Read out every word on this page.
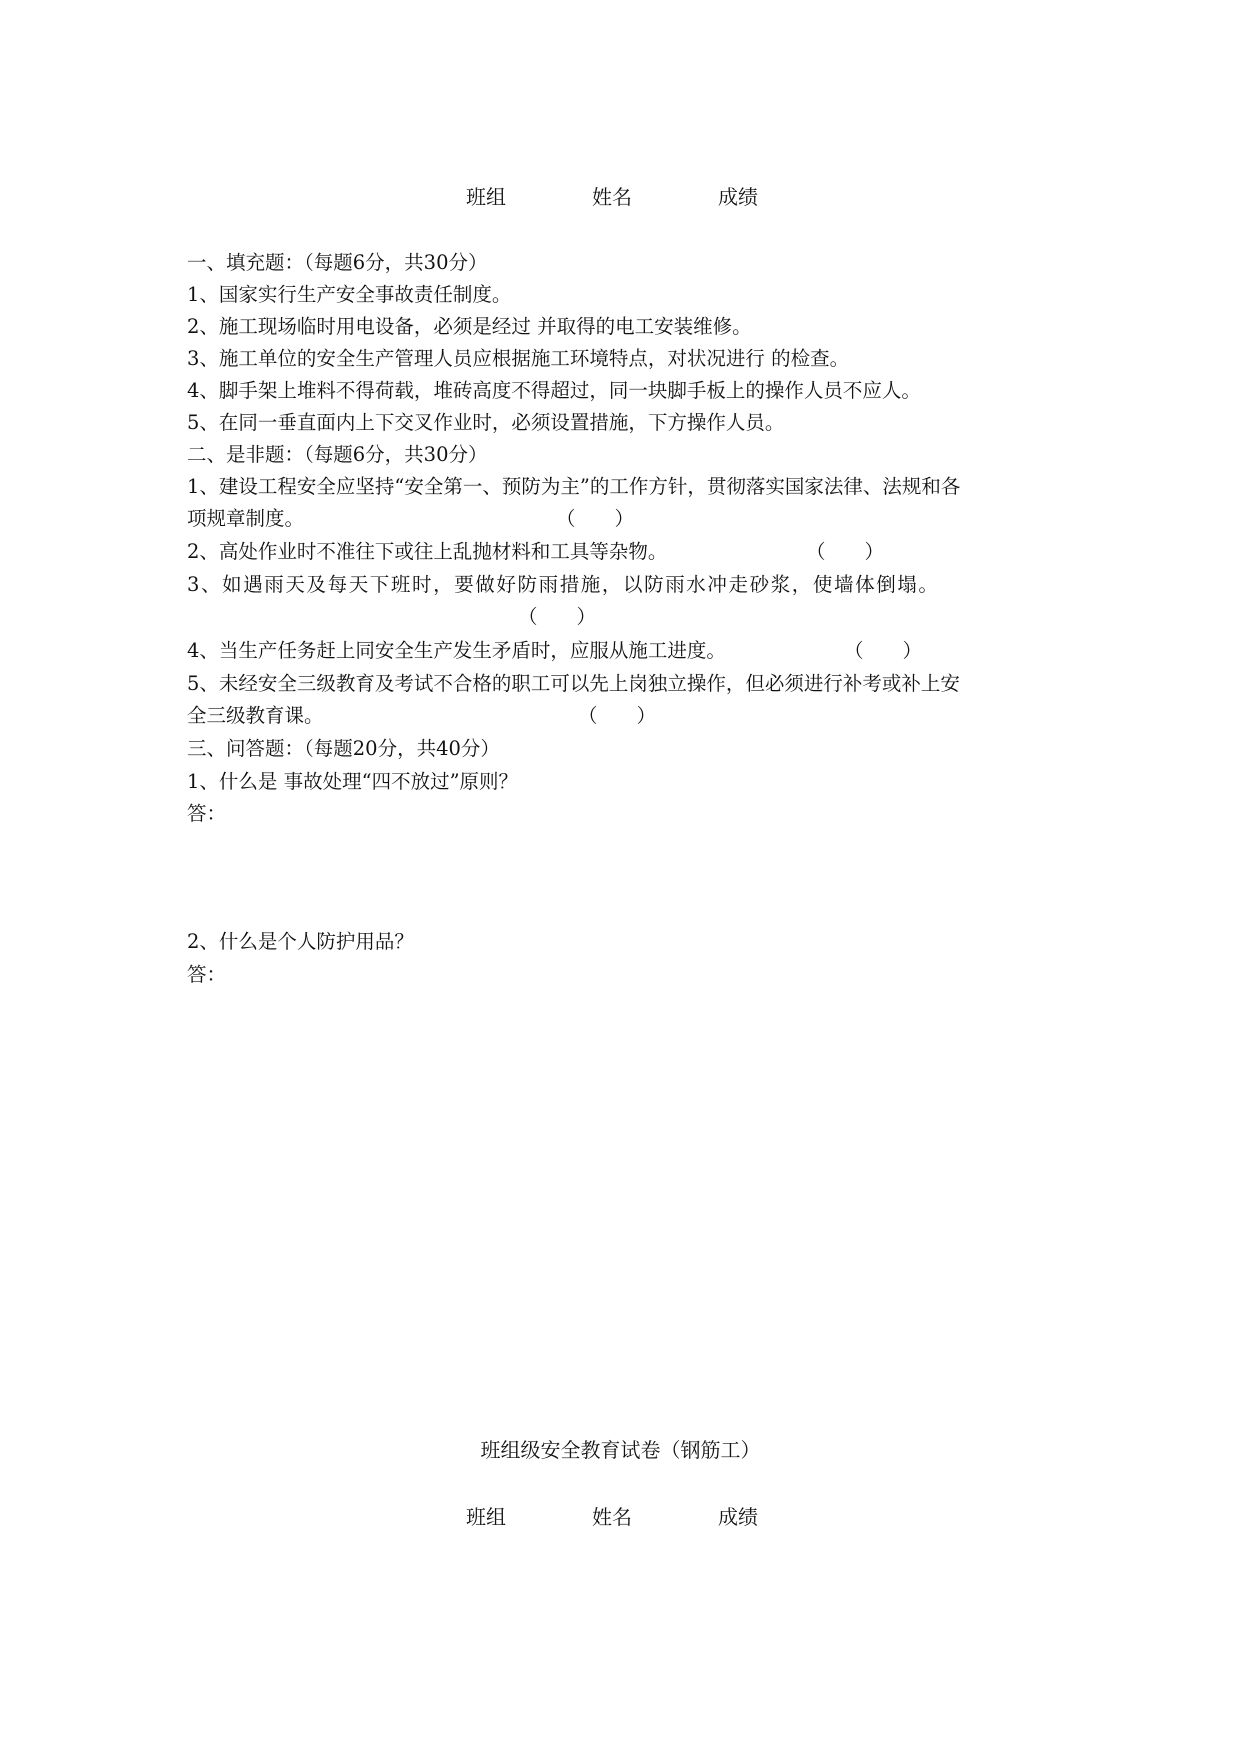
班组	姓名	成绩
一、填充题：（每题6分，共30分）
1、国家实行生产安全事故责任制度。
2、施工现场临时用电设备，必须是经过 并取得的电工安装维修。
3、施工单位的安全生产管理人员应根据施工环境特点，对状况进行 的检查。
4、脚手架上堆料不得荷载，堆砖高度不得超过，同一块脚手板上的操作人员不应人。
5、在同一垂直面内上下交叉作业时，必须设置措施，下方操作人员。
二、是非题：（每题6分，共30分）
1、建设工程安全应坚持“安全第一、预防为主”的工作方针，贯彻落实国家法律、法规和各
项规章制度。	（　　）
2、高处作业时不准往下或往上乱抛材料和工具等杂物。	（　　）
3、如遇雨天及每天下班时，要做好防雨措施，以防雨水冲走砂浆，使墙体倒塌。
（　　）
4、当生产任务赶上同安全生产发生矛盾时，应服从施工进度。	（　　）
5、未经安全三级教育及考试不合格的职工可以先上岗独立操作，但必须进行补考或补上安
全三级教育课。	（　　）
三、问答题：（每题20分，共40分）
1、什么是 事故处理“四不放过”原则？
答：
2、什么是个人防护用品？
答：
班组级安全教育试卷（钢筋工）
班组	姓名	成绩
